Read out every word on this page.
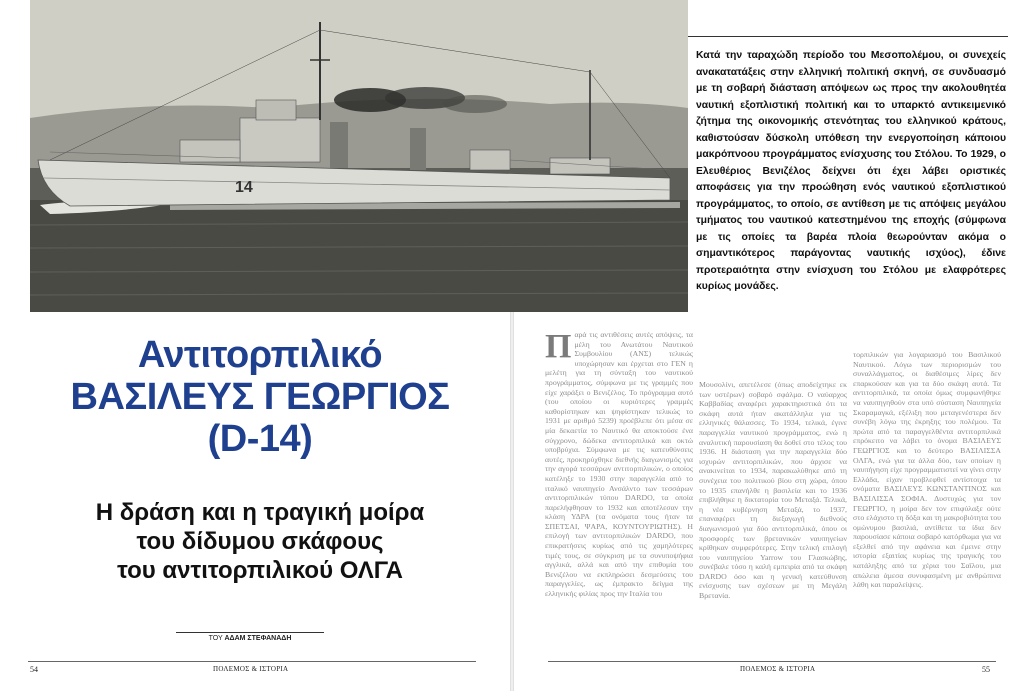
14
Αντιτορπιλικό
ΒΑΣΙΛΕΥΣ ΓΕΩΡΓΙΟΣ
(D-14)
Η δράση και η τραγική μοίρα
του δίδυμου σκάφους
του αντιτορπιλικού ΟΛΓΑ
ΤΟΥ ΑΔΑΜ ΣΤΕΦΑΝΑΔΗ
54	ΠΟΛΕΜΟΣ & ΙΣΤΟΡΙΑ

Κατά την ταραχώδη περίοδο του Μεσοπολέμου, οι συνεχείς ανακατατάξεις στην ελληνική πολιτική σκηνή, σε συνδυασμό με τη σοβαρή διάσταση απόψεων ως προς την ακολουθητέα ναυτική εξοπλιστική πολιτική και το υπαρκτό αντικειμενικό ζήτημα της οικονομικής στενότητας του ελληνικού κράτους, καθιστούσαν δύσκολη υπόθεση την ενεργοποίηση κάποιου μακρόπνοου προγράμματος ενίσχυσης του Στόλου. Το 1929, ο Ελευθέριος Βενιζέλος δείχνει ότι έχει λάβει οριστικές αποφάσεις για την προώθηση ενός ναυτικού εξοπλιστικού προγράμματος, το οποίο, σε αντίθεση με τις απόψεις μεγάλου τμήματος του ναυτικού κατεστημένου της εποχής (σύμφωνα με τις οποίες τα βαρέα πλοία θεωρούνταν ακόμα ο σημαντικότερος παράγοντας ναυτικής ισχύος), έδινε προτεραιότητα στην ενίσχυση του Στόλου με ελαφρότερες κυρίως μονάδες.

Π αρά τις αντιθέσεις αυτές απόψεις, τα μέλη του Ανωτάτου Ναυτικού Συμβουλίου (ΑΝΣ) τελικώς υποχώρησαν και έρχεται στο ΓΕΝ η μελέτη για τη σύνταξη του ναυτικού προγράμματος, σύμφωνα με τις γραμμές που είχε χαράξει ο Βενιζέλος. Το πρόγραμμα αυτό (του οποίου οι κυριότερες γραμμές καθορίστηκαν και ψηφίστηκαν τελικώς το 1931 με αριθμό 5239) προέβλεπε ότι μέσα σε μία δεκαετία το Ναυτικό θα αποκτούσε ένα σύγχρονο, δώδεκα αντιτορπιλικά και οκτώ υποβρύχια. Σύμφωνα με τις κατευθύνσεις αυτές, προκηρύχθηκε διεθνής διαγωνισμός για την αγορά τεσσάρων αντιτορπιλικών, ο οποίος κατέληξε το 1930 στην παραγγελία από το ιταλικό ναυπηγείο Ανσάλντο των τεσσάρων αντιτορπιλικών τύπου DARDO, τα οποία παρελήφθησαν το 1932 και αποτέλεσαν την κλάση ΥΔΡΑ (τα ονόματα τους ήταν τα ΣΠΕΤΣΑΙ, ΨΑΡΑ, ΚΟΥΝΤΟΥΡΙΩΤΗΣ). Η επιλογή των αντιτορπιλικών DARDO, που επικρατήσεις κυρίως από τις χαμηλότερες τιμές τους, σε σύγκριση με τα συνυποψήφια αγγλικά, αλλά και από την επιθυμία του Βενιζέλου να εκπληρώσει δεσμεύσεις του παραγγελίες, ως έμπρακτο δείγμα της ελληνικής φιλίας προς την Ιταλία του
Μουσολίνι, απετέλεσε (όπως αποδείχτηκε εκ των υστέρων) σοβαρό σφάλμα. Ο ναύαρχος Καββαδίας αναφέρει χαρακτηριστικά ότι τα σκάφη αυτά ήταν ακατάλληλα για τις ελληνικές θάλασσες. Το 1934, τελικά, έγινε παραγγελία ναυτικού προγράμματος, ενώ η αναλυτική παρουσίαση θα δοθεί στο τέλος του 1936. Η διάσταση για την παραγγελία δύο ισχυρών αντιτορπιλικών, που άρχισε να ανακινείται το 1934, παρακωλύθηκε από τη συνέχεια του πολιτικού βίου στη χώρα, όπου το 1935 επανήλθε η βασιλεία και το 1936 επιβλήθηκε η δικτατορία του Μεταξά. Τελικά, η νέα κυβέρνηση Μεταξά, το 1937, επαναφέρει τη διεξαγωγή διεθνούς διαγωνισμού για δύο αντιτορπιλικά, όπου οι προσφορές των βρετανικών ναυπηγείων κρίθηκαν συμφερότερες. Στην τελική επιλογή του ναυπηγείου Yarrow του Γλασκώβης, συνέβαλε τόσο η καλή εμπειρία από τα σκάφη DARDO όσο και η γενική κατεύθυνση ενίσχυσης των σχέσεων με τη Μεγάλη Βρετανία.
τορπιλικών για λογαριασμό του Βασιλικού Ναυτικού. Λόγω των περιορισμών του συναλλάγματος, οι διαθέσιμες λίρες δεν επαρκούσαν και για τα δύο σκάφη αυτά. Τα αντιτορπιλικά, τα οποία όμως συμφωνήθηκε να ναυπηγηθούν στα υπό σύσταση Ναυπηγεία Σκαραμαγκά, εξέλιξη που μεταγενέστερα δεν συνέβη λόγω της έκρηξης του πολέμου. Τα πρώτα από τα παραγγελθέντα αντιτορπιλικά επρόκειτο να λάβει το όνομα ΒΑΣΙΛΕΥΣ ΓΕΩΡΓΙΟΣ και το δεύτερο ΒΑΣΙΛΙΣΣΑ ΟΛΓΑ, ενώ για τα άλλα δύο, των οποίων η ναυπήγηση είχε προγραμματιστεί να γίνει στην Ελλάδα, είχαν προβλεφθεί αντίστοιχα τα ονόματα ΒΑΣΙΛΕΥΣ ΚΩΝΣΤΑΝΤΙΝΟΣ και ΒΑΣΙΛΙΣΣΑ ΣΟΦΙΑ. Δυστυχώς για τον ΓΕΩΡΓΙΟ, η μοίρα δεν τον επιφύλαξε ούτε στο ελάχιστο τη δόξα και τη μακροβιότητα του ομώνυμου βασιλιά, αντίθετα τα ίδια δεν παρουσίασε κάποια σοβαρό κατόρθωμα για να εξελθεί από την αφάνεια και έμεινε στην ιστορία εξαιτίας κυρίως της τραγικής του κατάληξης από τα χέρια του Σαΐλου, μια απώλεια άμεσα συνυφασμένη με ανθρώπινα λάθη και παραλείψεις.
ΠΟΛΕΜΟΣ & ΙΣΤΟΡΙΑ	55
